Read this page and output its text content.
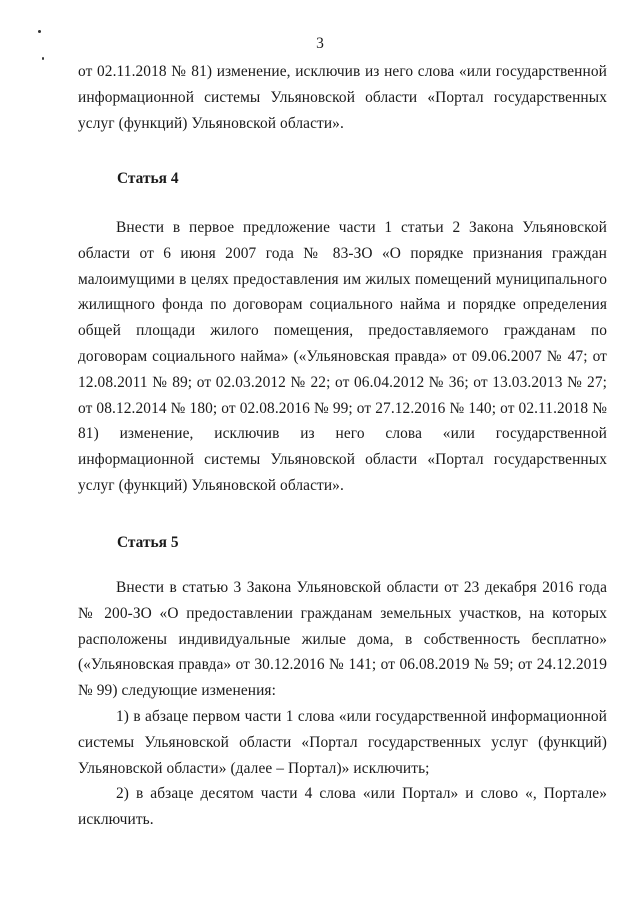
3

от 02.11.2018 № 81) изменение, исключив из него слова «или государственной информационной системы Ульяновской области «Портал государственных услуг (функций) Ульяновской области».

Статья 4

Внести в первое предложение части 1 статьи 2 Закона Ульяновской области от 6 июня 2007 года № 83-ЗО «О порядке признания граждан малоимущими в целях предоставления им жилых помещений муниципального жилищного фонда по договорам социального найма и порядке определения общей площади жилого помещения, предоставляемого гражданам по договорам социального найма» («Ульяновская правда» от 09.06.2007 № 47; от 12.08.2011 № 89; от 02.03.2012 № 22; от 06.04.2012 № 36; от 13.03.2013 № 27; от 08.12.2014 № 180; от 02.08.2016 № 99; от 27.12.2016 № 140; от 02.11.2018 № 81) изменение, исключив из него слова «или государственной информационной системы Ульяновской области «Портал государственных услуг (функций) Ульяновской области».

Статья 5

Внести в статью 3 Закона Ульяновской области от 23 декабря 2016 года № 200-ЗО «О предоставлении гражданам земельных участков, на которых расположены индивидуальные жилые дома, в собственность бесплатно» («Ульяновская правда» от 30.12.2016 № 141; от 06.08.2019 № 59; от 24.12.2019 № 99) следующие изменения:

1) в абзаце первом части 1 слова «или государственной информационной системы Ульяновской области «Портал государственных услуг (функций) Ульяновской области» (далее – Портал)» исключить;

2) в абзаце десятом части 4 слова «или Портал» и слово «, Портале» исключить.
